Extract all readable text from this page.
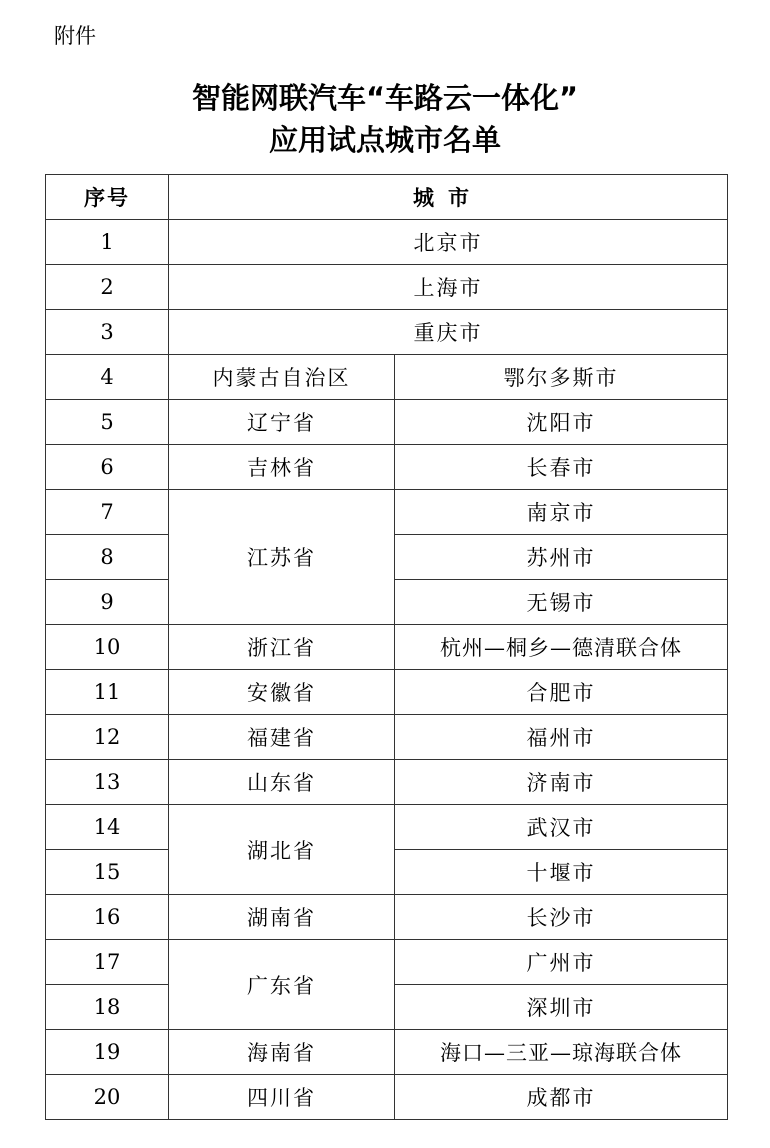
附件
智能网联汽车“车路云一体化”
应用试点城市名单
序号	城市	
1	北京市	
2	上海市	
3	重庆市	
4	内蒙古自治区	鄂尔多斯市
5	辽宁省	沈阳市
6	吉林省	长春市
7	江苏省	南京市
8		苏州市
9		无锡市
10	浙江省	杭州—桐乡—德清联合体
11	安徽省	合肥市
12	福建省	福州市
13	山东省	济南市
14	湖北省	武汉市
15		十堰市
16	湖南省	长沙市
17	广东省	广州市
18		深圳市
19	海南省	海口—三亚—琼海联合体
20	四川省	成都市
